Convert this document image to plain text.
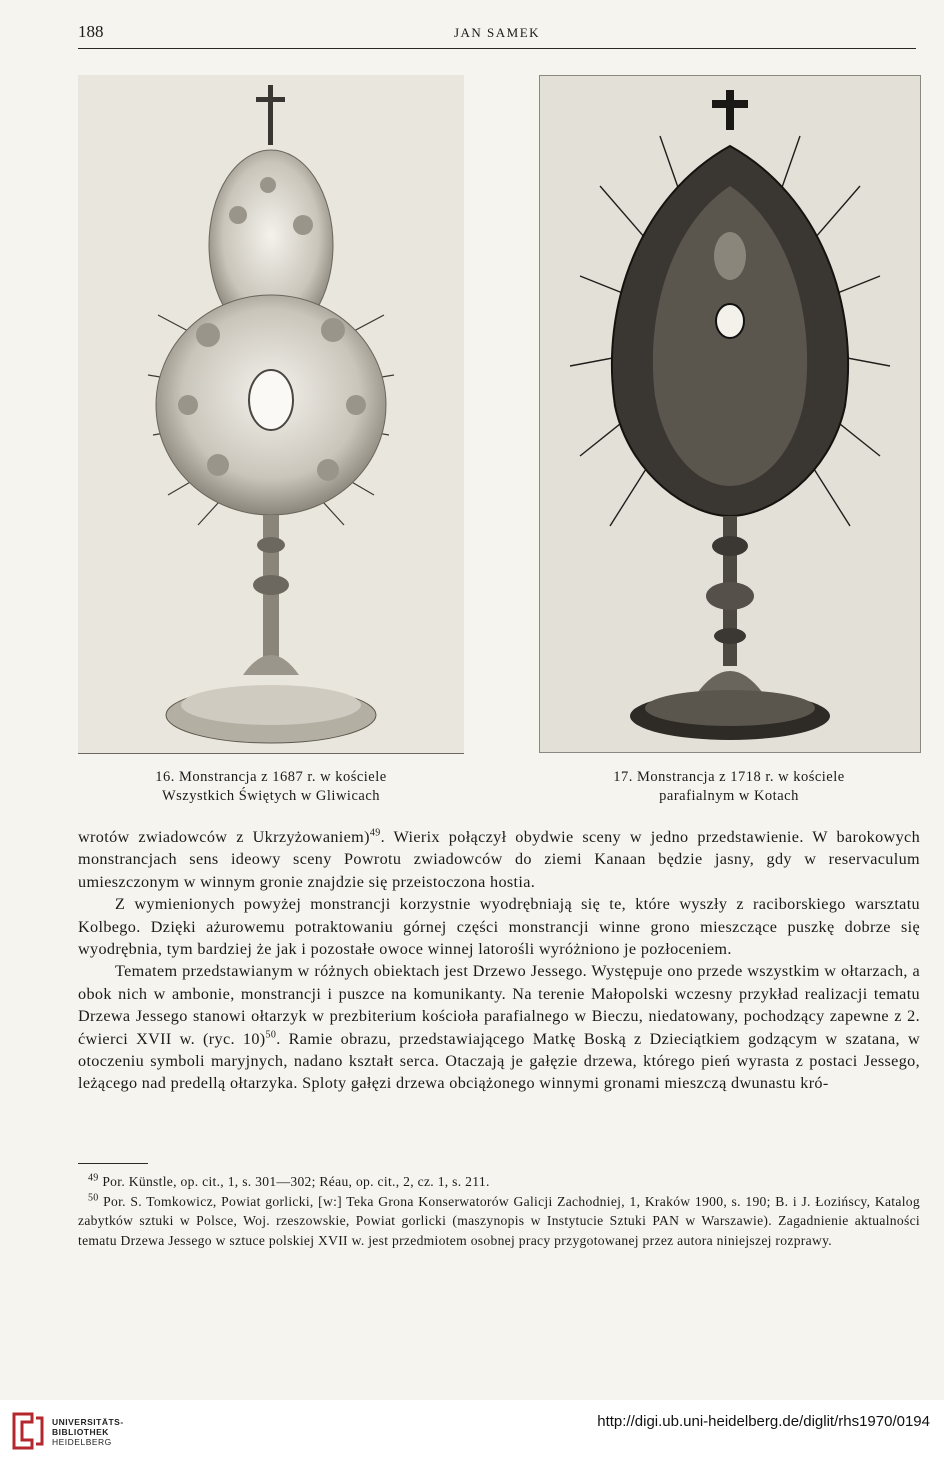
188	JAN SAMEK
16. Monstrancja z 1687 r. w kościele
Wszystkich Świętych w Gliwicach
17. Monstrancja z 1718 r. w kościele
parafialnym w Kotach

wrotów zwiadowców z Ukrzyżowaniem)$^{49}$. Wierix połączył obydwie sceny w jedno przedstawienie. W barokowych monstrancjach sens ideowy sceny Powrotu zwiadowców do ziemi Kanaan będzie jasny, gdy w reservaculum umieszczonym w winnym gronie znajdzie się przeistoczona hostia.

Z wymienionych powyżej monstrancji korzystnie wyodrębniają się te, które wyszły z raciborskiego warsztatu Kolbego. Dzięki ażurowemu potraktowaniu górnej części monstrancji winne grono mieszczące puszkę dobrze się wyodrębnia, tym bardziej że jak i pozostałe owoce winnej latorośli wyróżniono je pozłoceniem.

Tematem przedstawianym w różnych obiektach jest Drzewo Jessego. Występuje ono przede wszystkim w ołtarzach, a obok nich w ambonie, monstrancji i puszce na komunikanty. Na terenie Małopolski wczesny przykład realizacji tematu Drzewa Jessego stanowi ołtarzyk w prezbiterium kościoła parafialnego w Bieczu, niedatowany, pochodzący zapewne z 2. ćwierci XVII w. (ryc. 10)$^{50}$. Ramie obrazu, przedstawiającego Matkę Boską z Dzieciątkiem godzącym w szatana, w otoczeniu symboli maryjnych, nadano kształt serca. Otaczają je gałęzie drzewa, którego pień wyrasta z postaci Jessego, leżącego nad predellą ołtarzyka. Sploty gałęzi drzewa obciążonego winnymi gronami mieszczą dwunastu kró-

$^{49}$ Por. Künstle, op. cit., 1, s. 301—302; Réau, op. cit., 2, cz. 1, s. 211.

$^{50}$ Por. S. Tomkowicz, Powiat gorlicki, [w:] Teka Grona Konserwatorów Galicji Zachodniej, 1, Kraków 1900, s. 190; B. i J. Łozińscy, Katalog zabytków sztuki w Polsce, Woj. rzeszowskie, Powiat gorlicki (maszynopis w Instytucie Sztuki PAN w Warszawie). Zagadnienie aktualności tematu Drzewa Jessego w sztuce polskiej XVII w. jest przedmiotem osobnej pracy przygotowanej przez autora niniejszej rozprawy.

UNIVERSITÄTS-
BIBLIOTHEK
HEIDELBERG
http://digi.ub.uni-heidelberg.de/diglit/rhs1970/0194
